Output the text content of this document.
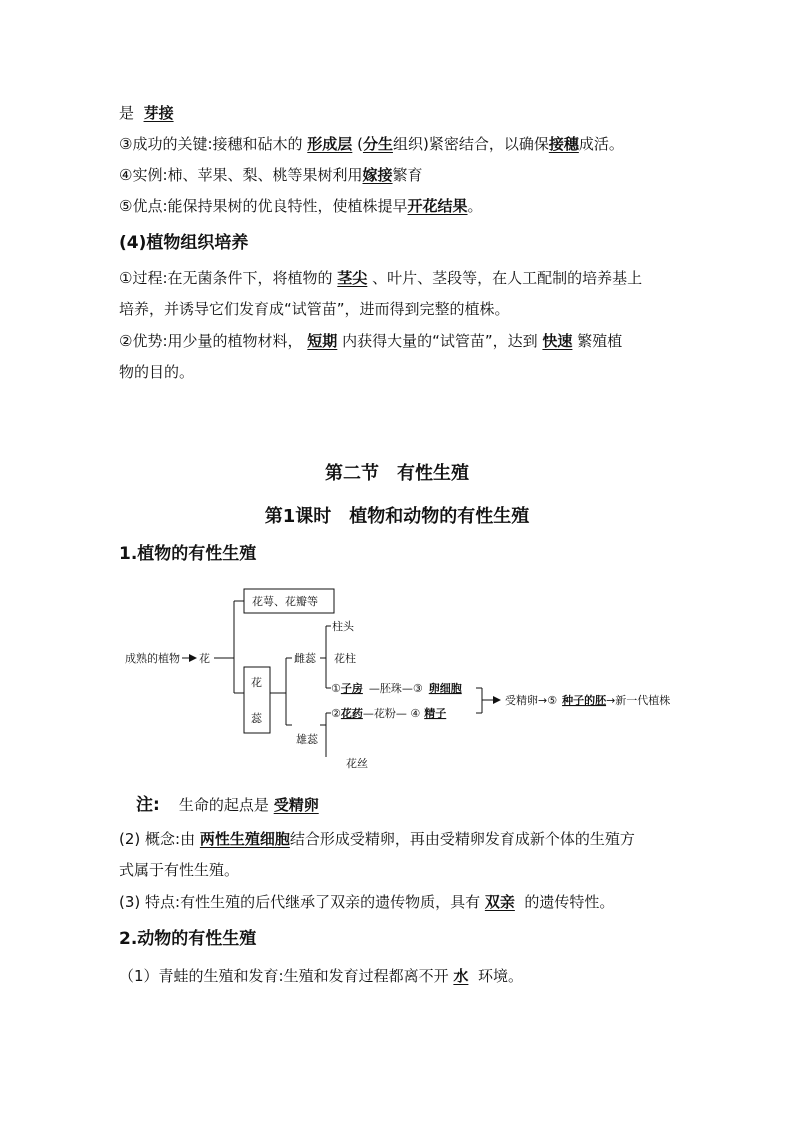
是 芽接
③成功的关键:接穗和砧木的 形成层 (分生组织)紧密结合，以确保接穗成活。
④实例:柿、苹果、梨、桃等果树利用嫁接繁育
⑤优点:能保持果树的优良特性，使植株提早开花结果。
(4)植物组织培养
①过程:在无菌条件下，将植物的 茎尖 、叶片、茎段等，在人工配制的培养基上
培养，并诱导它们发育成“试管苗”，进而得到完整的植株。
②优势:用少量的植物材料， 短期 内获得大量的“试管苗”，达到 快速 繁殖植
物的目的。
第二节　有性生殖
第1课时　植物和动物的有性生殖
1.植物的有性生殖
成熟的植物 花
花萼、花瓣等
花
蕊
雌蕊
雄蕊
柱头
花柱
①子房 —胚珠—③ 卵细胞
②花药—花粉— ④ 精子
花丝
受精卵→⑤ 种子的胚→新一代植株
注: 生命的起点是 受精卵
(2) 概念:由 两性生殖细胞结合形成受精卵，再由受精卵发育成新个体的生殖方
式属于有性生殖。
(3) 特点:有性生殖的后代继承了双亲的遗传物质，具有 双亲 的遗传特性。
2.动物的有性生殖
（1）青蛙的生殖和发育:生殖和发育过程都离不开 水 环境。
